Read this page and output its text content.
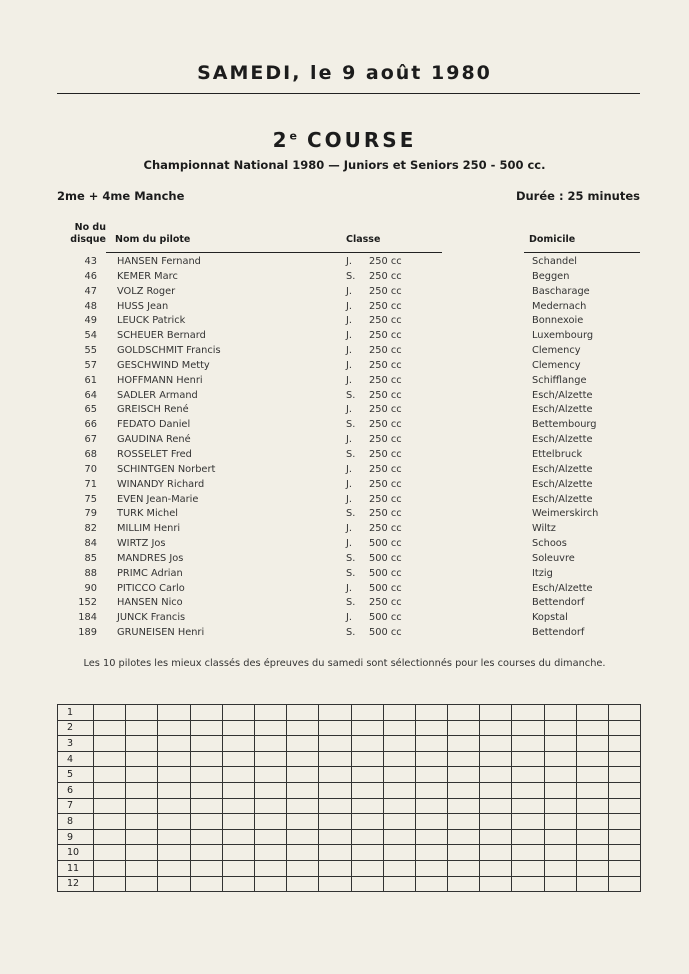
SAMEDI, le 9 août 1980
2e COURSE
Championnat National 1980 — Juniors et Seniors 250 - 500 cc.
2me + 4me Manche	Durée : 25 minutes
No du
disque Nom du pilote	Classe	Domicile
43 HANSEN Fernand	J. 250 cc	Schandel
46 KEMER Marc	S. 250 cc	Beggen
47 VOLZ Roger	J. 250 cc	Bascharage
48 HUSS Jean	J. 250 cc	Medernach
49 LEUCK Patrick	J. 250 cc	Bonnexoie
54 SCHEUER Bernard	J. 250 cc	Luxembourg
55 GOLDSCHMIT Francis	J. 250 cc	Clemency
57 GESCHWIND Metty	J. 250 cc	Clemency
61 HOFFMANN Henri	J. 250 cc	Schifflange
64 SADLER Armand	S. 250 cc	Esch/Alzette
65 GREISCH René	J. 250 cc	Esch/Alzette
66 FEDATO Daniel	S. 250 cc	Bettembourg
67 GAUDINA René	J. 250 cc	Esch/Alzette
68 ROSSELET Fred	S. 250 cc	Ettelbruck
70 SCHINTGEN Norbert	J. 250 cc	Esch/Alzette
71 WINANDY Richard	J. 250 cc	Esch/Alzette
75 EVEN Jean-Marie	J. 250 cc	Esch/Alzette
79 TURK Michel	S. 250 cc	Weimerskirch
82 MILLIM Henri	J. 250 cc	Wiltz
84 WIRTZ Jos	J. 500 cc	Schoos
85 MANDRES Jos	S. 500 cc	Soleuvre
88 PRIMC Adrian	S. 500 cc	Itzig
90 PITICCO Carlo	J. 500 cc	Esch/Alzette
152 HANSEN Nico	S. 250 cc	Bettendorf
184 JUNCK Francis	J. 500 cc	Kopstal
189 GRUNEISEN Henri	S. 500 cc	Bettendorf
Les 10 pilotes les mieux classés des épreuves du samedi sont sélectionnés pour les courses du dimanche.
1																	
2																	
3																	
4																	
5																	
6																	
7																	
8																	
9																	
10																	
11																	
12																	
